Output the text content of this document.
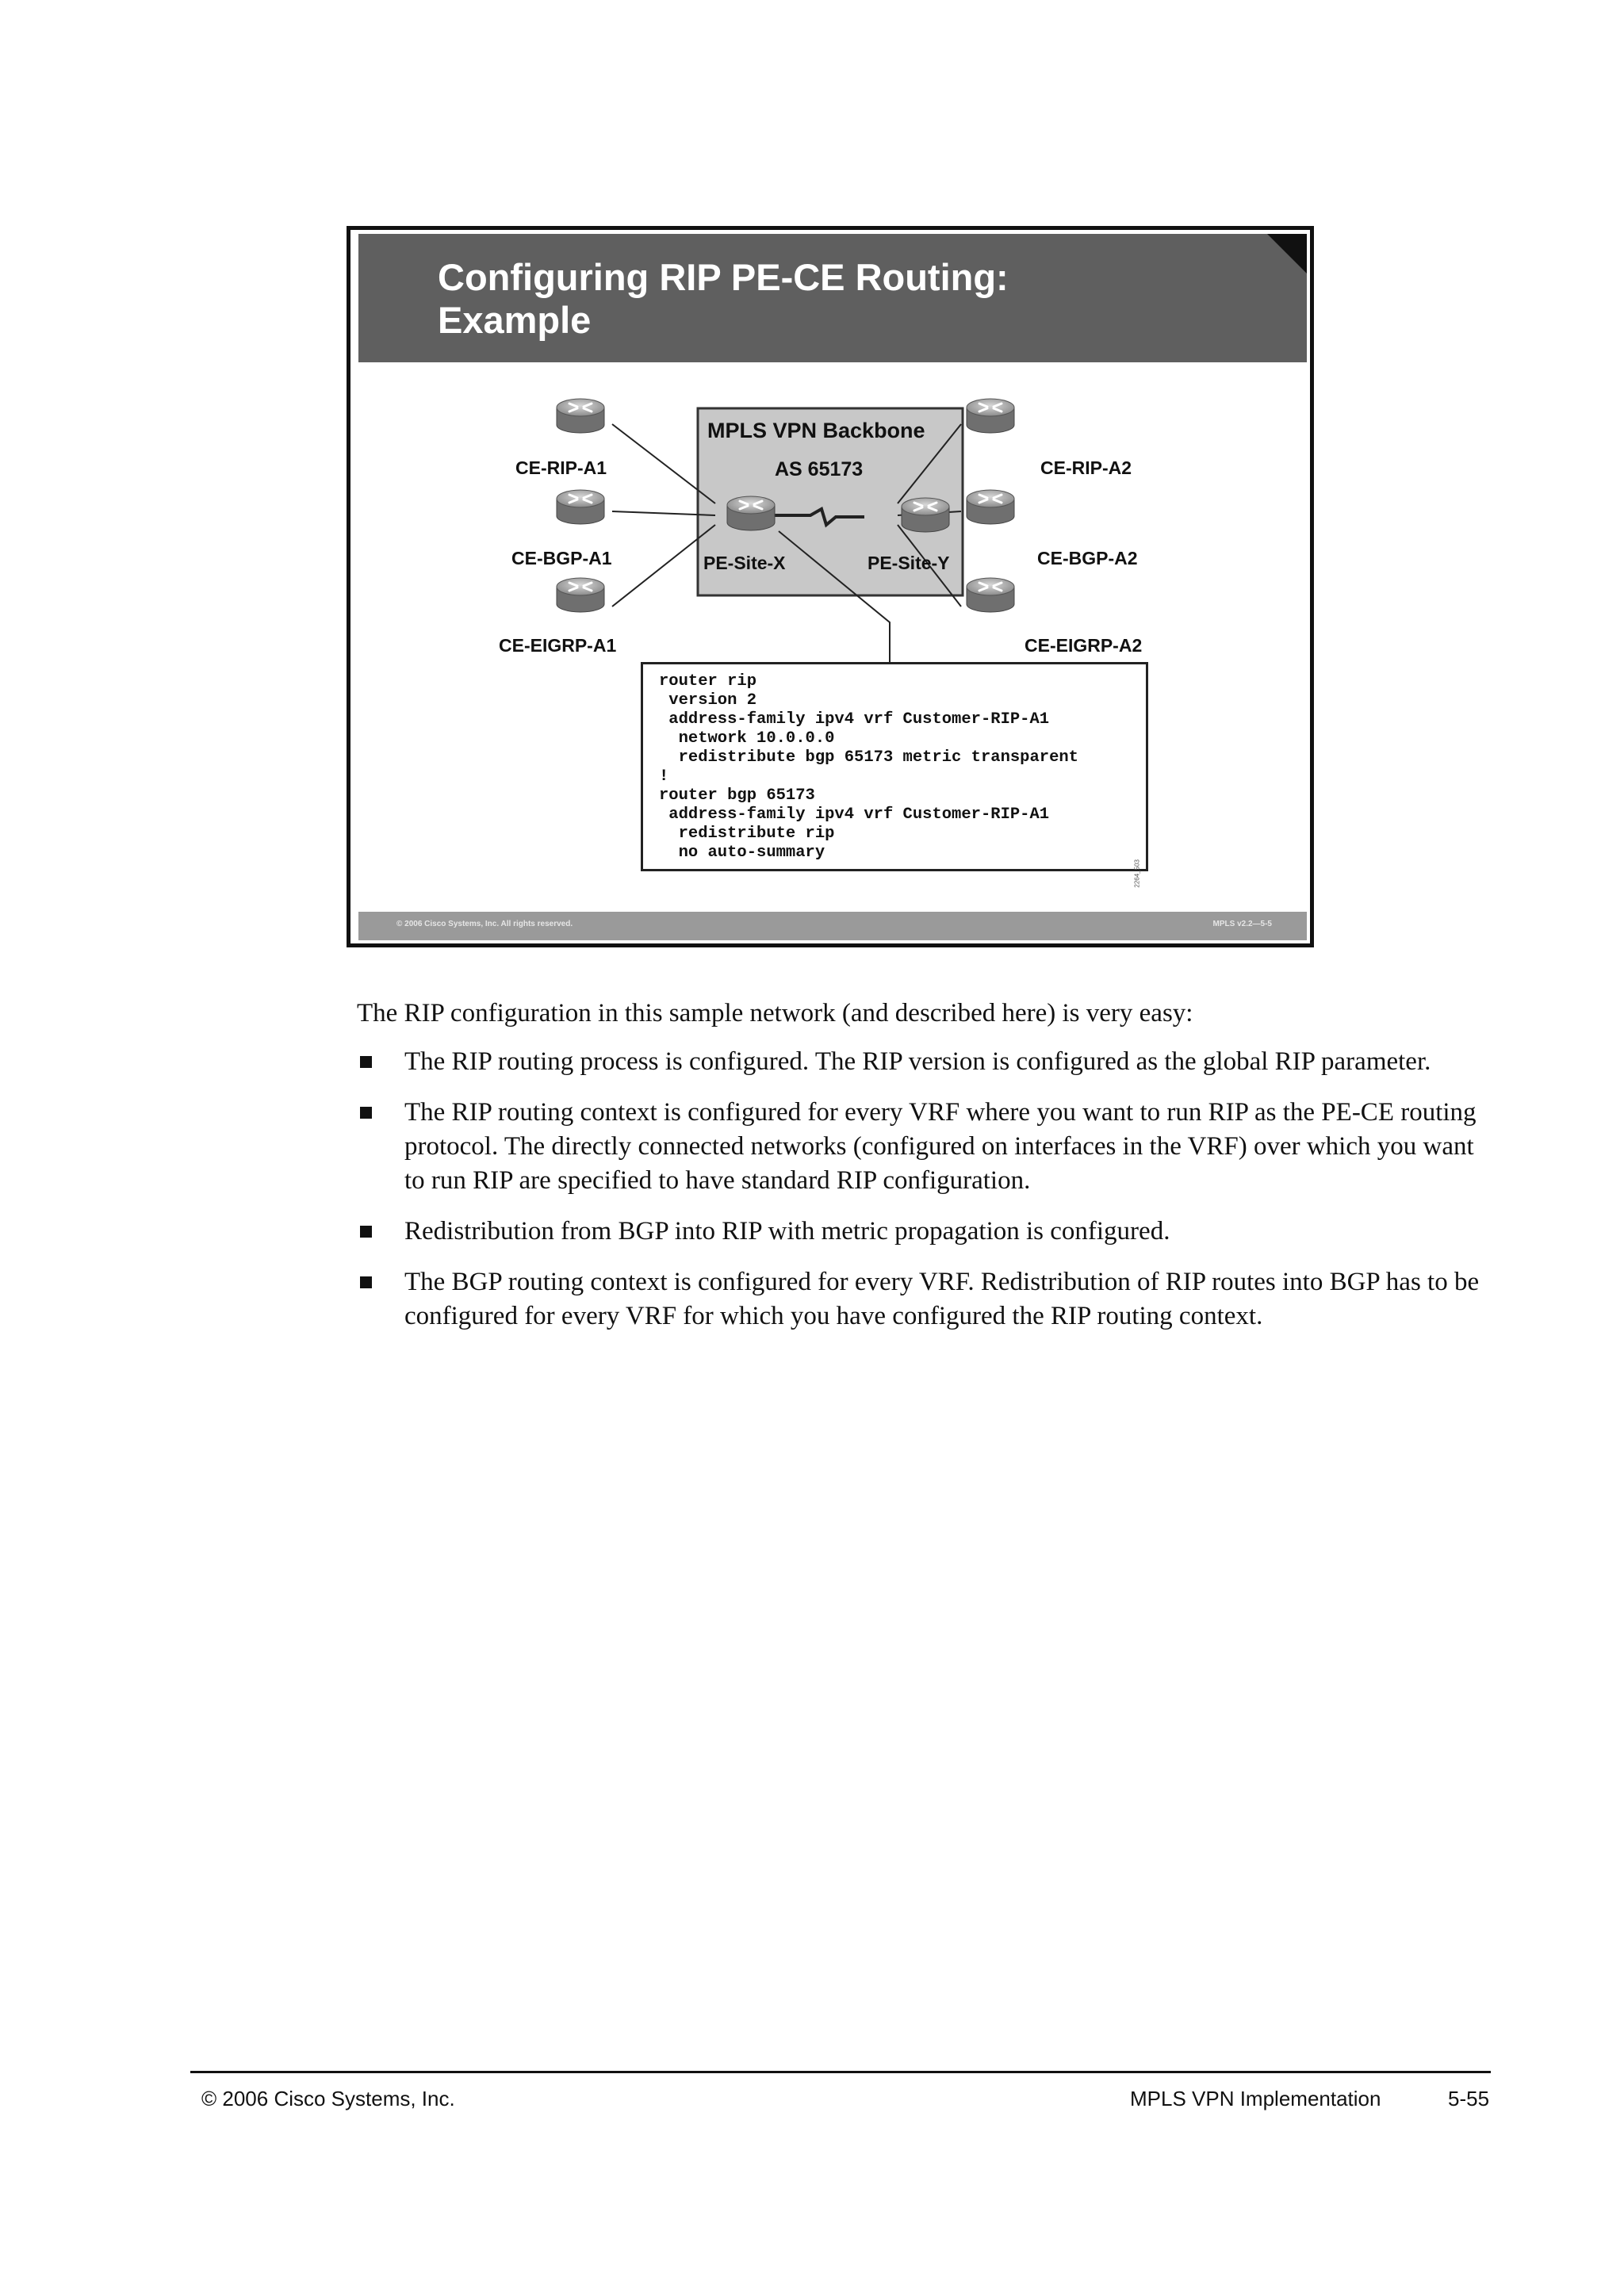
Configuring RIP PE-CE Routing:
Example
MPLS VPN Backbone
AS 65173
CE-RIP-A1
CE-BGP-A1
CE-EIGRP-A1
PE-Site-X	PE-Site-Y
CE-RIP-A2
CE-BGP-A2
CE-EIGRP-A2
router rip
version 2
address-family ipv4 vrf Customer-RIP-A1
network 10.0.0.0
redistribute bgp 65173 metric transparent
!
router bgp 65173
address-family ipv4 vrf Customer-RIP-A1
redistribute rip
no auto-summary
2264_503
© 2006 Cisco Systems, Inc. All rights reserved.	MPLS v2.2—5-5

The RIP configuration in this sample network (and described here) is very easy:

The RIP routing process is configured. The RIP version is configured as the global RIP parameter.
The RIP routing context is configured for every VRF where you want to run RIP as the PE-CE routing protocol. The directly connected networks (configured on interfaces in the VRF) over which you want to run RIP are specified to have standard RIP configuration.
Redistribution from BGP into RIP with metric propagation is configured.
The BGP routing context is configured for every VRF. Redistribution of RIP routes into BGP has to be configured for every VRF for which you have configured the RIP routing context.
© 2006 Cisco Systems, Inc.	MPLS VPN Implementation	5-55
